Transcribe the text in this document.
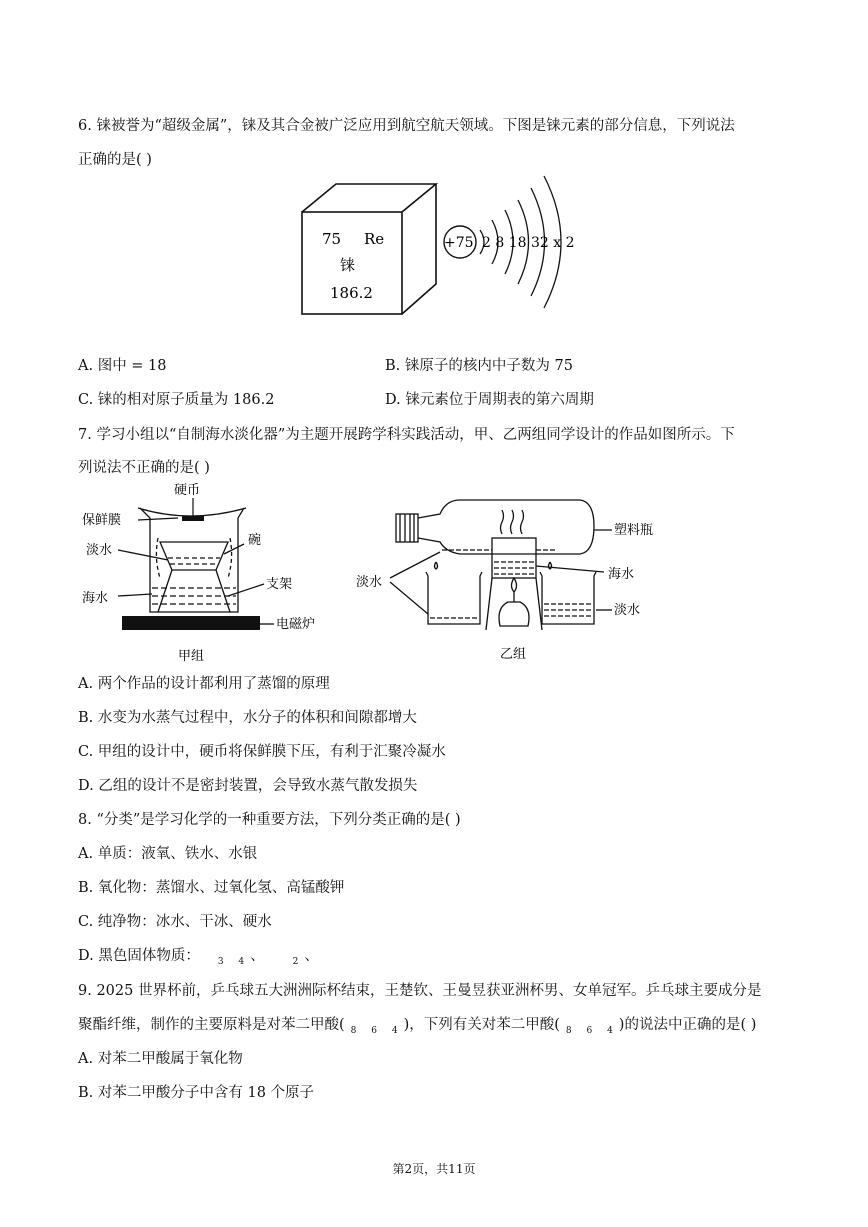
6. 铼被誉为“超级金属”，铼及其合金被广泛应用到航空航天领域。下图是铼元素的部分信息，下列说法
正确的是( )
75 Re
铼
186.2
+75 2 8 18 32 x 2
A. 图中 = 18	B. 铼原子的核内中子数为 75
C. 铼的相对原子质量为 186.2	D. 铼元素位于周期表的第六周期
7. 学习小组以“自制海水淡化器”为主题开展跨学科实践活动，甲、乙两组同学设计的作品如图所示。下
列说法不正确的是( )
硬币
保鲜膜
淡水
碗
支架
海水
电磁炉
甲组
塑料瓶
淡水
海水
淡水
乙组
A. 两个作品的设计都利用了蒸馏的原理
B. 水变为水蒸气过程中，水分子的体积和间隙都增大
C. 甲组的设计中，硬币将保鲜膜下压，有利于汇聚冷凝水
D. 乙组的设计不是密封装置，会导致水蒸气散发损失
8. “分类”是学习化学的一种重要方法，下列分类正确的是( )
A. 单质：液氧、铁水、水银
B. 氧化物：蒸馏水、过氧化氢、高锰酸钾
C. 纯净物：冰水、干冰、硬水
D. 黑色固体物质： $_{3 4}$、	$_2$、
9. 2025 世界杯前，乒乓球五大洲洲际杯结束，王楚钦、王曼昱获亚洲杯男、女单冠军。乒乓球主要成分是
聚酯纤维，制作的主要原料是对苯二甲酸( $_{8 6 4}$)，下列有关对苯二甲酸( $_{8 6 4}$)的说法中正确的是( )
A. 对苯二甲酸属于氧化物
B. 对苯二甲酸分子中含有 18 个原子
第2页，共11页
